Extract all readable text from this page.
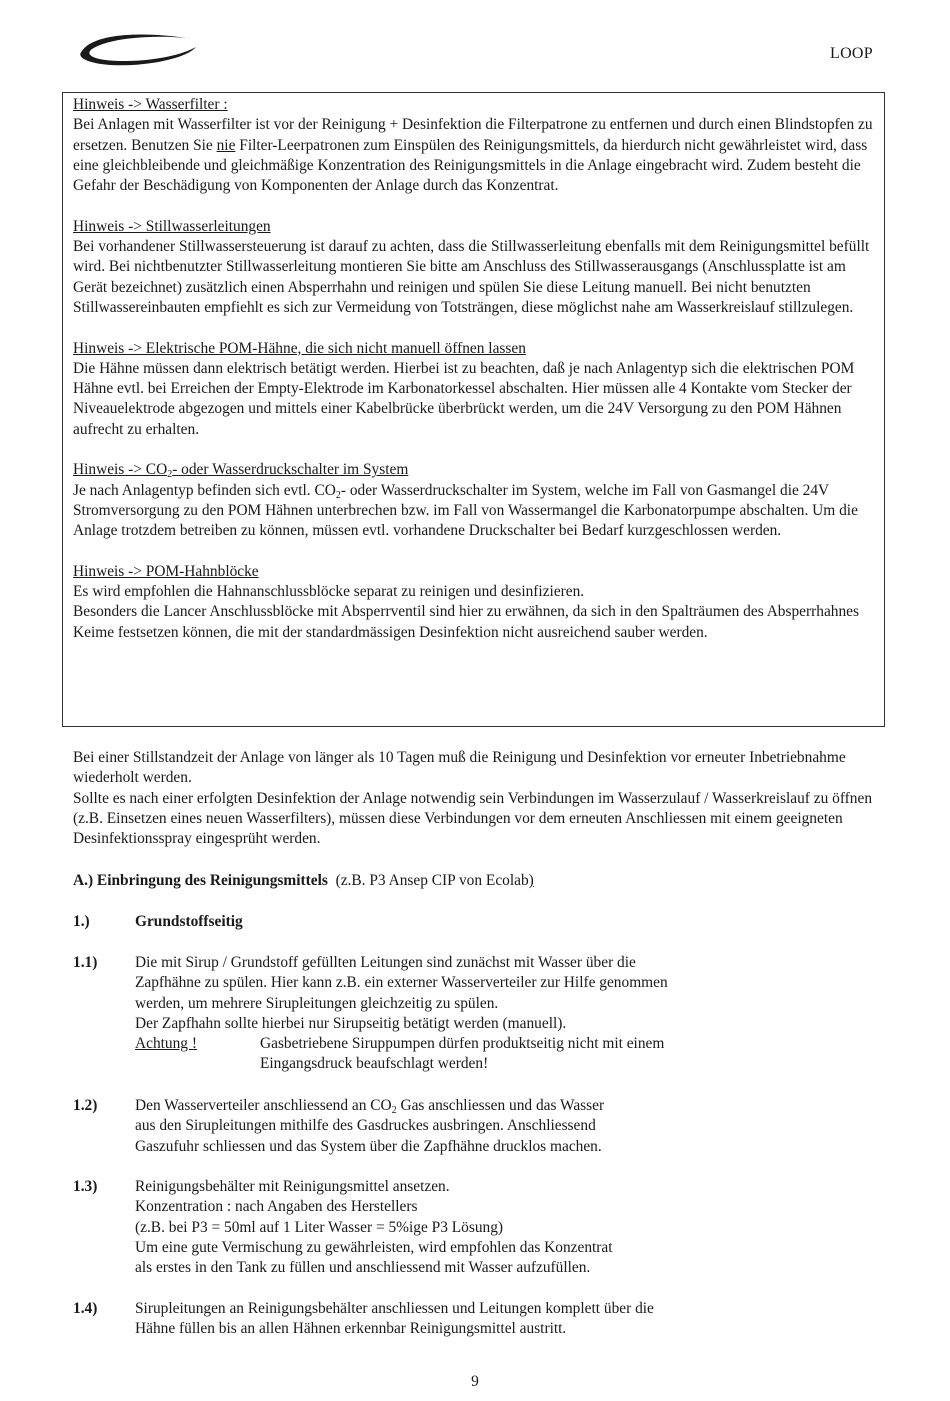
Cornelius	LOOP
Hinweis -> Wasserfilter :

Bei Anlagen mit Wasserfilter ist vor der Reinigung + Desinfektion die Filterpatrone zu entfernen und durch einen Blindstopfen zu ersetzen. Benutzen Sie nie Filter-Leerpatronen zum Einspülen des Reinigungsmittels, da hierdurch nicht gewährleistet wird, dass eine gleichbleibende und gleichmäßige Konzentration des Reinigungsmittels in die Anlage eingebracht wird. Zudem besteht die Gefahr der Beschädigung von Komponenten der Anlage durch das Konzentrat.

Hinweis -> Stillwasserleitungen

Bei vorhandener Stillwassersteuerung ist darauf zu achten, dass die Stillwasserleitung ebenfalls mit dem Reinigungsmittel befüllt wird. Bei nichtbenutzter Stillwasserleitung montieren Sie bitte am Anschluss des Stillwasserausgangs (Anschlussplatte ist am Gerät bezeichnet) zusätzlich einen Absperrhahn und reinigen und spülen Sie diese Leitung manuell. Bei nicht benutzten Stillwassereinbauten empfiehlt es sich zur Vermeidung von Totsträngen, diese möglichst nahe am Wasserkreislauf stillzulegen.

Hinweis -> Elektrische POM-Hähne, die sich nicht manuell öffnen lassen

Die Hähne müssen dann elektrisch betätigt werden. Hierbei ist zu beachten, daß je nach Anlagentyp sich die elektrischen POM Hähne evtl. bei Erreichen der Empty-Elektrode im Karbonatorkessel abschalten. Hier müssen alle 4 Kontakte vom Stecker der Niveauelektrode abgezogen und mittels einer Kabelbrücke überbrückt werden, um die 24V Versorgung zu den POM Hähnen aufrecht zu erhalten.

Hinweis -> $CO_2-$ oder Wasserdruckschalter im System

Je nach Anlagentyp befinden sich evtl. $CO_2-$ oder Wasserdruckschalter im System, welche im Fall von Gasmangel die 24V Stromversorgung zu den POM Hähnen unterbrechen bzw. im Fall von Wassermangel die Karbonatorpumpe abschalten. Um die Anlage trotzdem betreiben zu können, müssen evtl. vorhandene Druckschalter bei Bedarf kurzgeschlossen werden.

Hinweis -> POM-Hahnblöcke

Es wird empfohlen die Hahnanschlussblöcke separat zu reinigen und desinfizieren.

Besonders die Lancer Anschlussblöcke mit Absperrventil sind hier zu erwähnen, da sich in den Spalträumen des Absperrhahnes Keime festsetzen können, die mit der standardmässigen Desinfektion nicht ausreichend sauber werden.

Bei einer Stillstandzeit der Anlage von länger als 10 Tagen muß die Reinigung und Desinfektion vor erneuter Inbetriebnahme wiederholt werden.

Sollte es nach einer erfolgten Desinfektion der Anlage notwendig sein Verbindungen im Wasserzulauf / Wasserkreislauf zu öffnen (z.B. Einsetzen eines neuen Wasserfilters), müssen diese Verbindungen vor dem erneuten Anschliessen mit einem geeigneten Desinfektionsspray eingesprüht werden.

A.) Einbringung des Reinigungsmittels (z.B. P3 Ansep CIP von Ecolab)
1.)	Grundstoffseitig
1.1) Die mit Sirup / Grundstoff gefüllten Leitungen sind zunächst mit Wasser über die

Zapfhähne zu spülen. Hier kann z.B. ein externer Wasserverteiler zur Hilfe genommen

werden, um mehrere Sirupleitungen gleichzeitig zu spülen.

Der Zapfhahn sollte hierbei nur Sirupseitig betätigt werden (manuell).

Achtung !	Gasbetriebene Siruppumpen dürfen produktseitig nicht mit einem

Eingangsdruck beaufschlagt werden!

1.2) Den Wasserverteiler anschliessend an $CO_2$ Gas anschliessen und das Wasser

aus den Sirupleitungen mithilfe des Gasdruckes ausbringen. Anschliessend

Gaszufuhr schliessen und das System über die Zapfhähne drucklos machen.

1.3) Reinigungsbehälter mit Reinigungsmittel ansetzen.

Konzentration : nach Angaben des Herstellers

(z.B. bei P3 = 50ml auf 1 Liter Wasser = 5%ige P3 Lösung)

Um eine gute Vermischung zu gewährleisten, wird empfohlen das Konzentrat

als erstes in den Tank zu füllen und anschliessend mit Wasser aufzufüllen.

1.4) Sirupleitungen an Reinigungsbehälter anschliessen und Leitungen komplett über die

Hähne füllen bis an allen Hähnen erkennbar Reinigungsmittel austritt.

9
